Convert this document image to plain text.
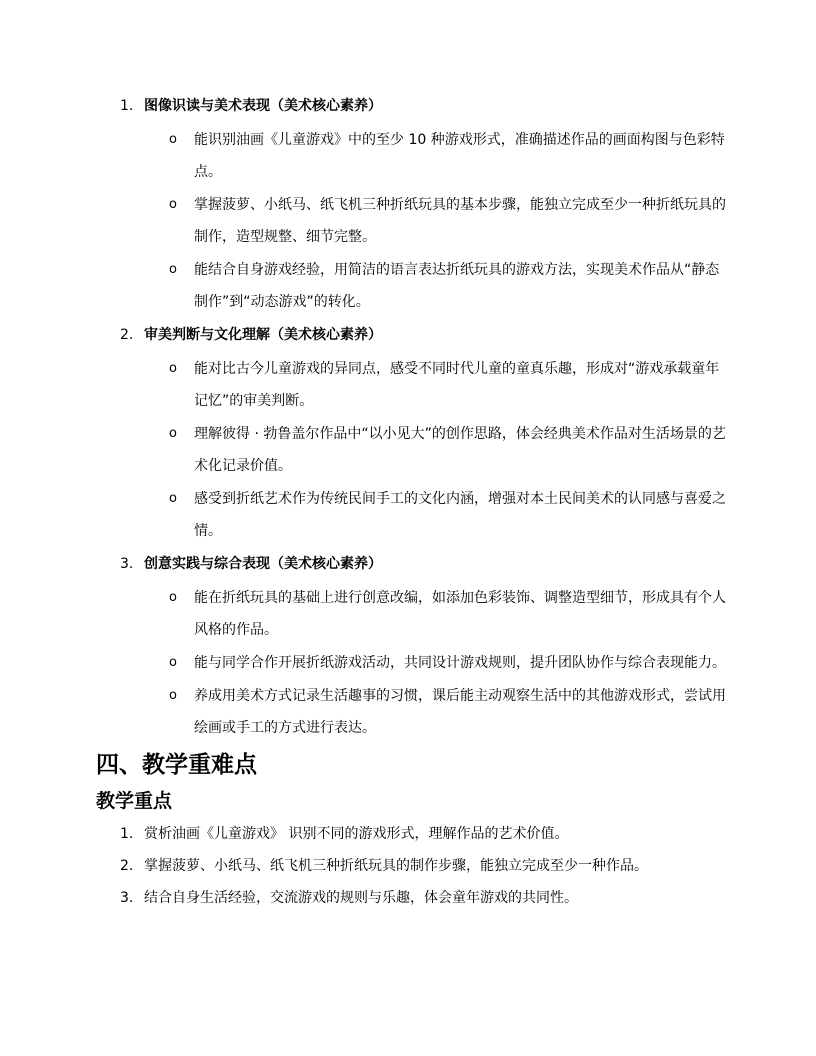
1. 图像识读与美术表现（美术核心素养）
o 能识别油画《儿童游戏》中的至少 10 种游戏形式，准确描述作品的画面构图与色彩特点。
o 掌握菠萝、小纸马、纸飞机三种折纸玩具的基本步骤，能独立完成至少一种折纸玩具的制作，造型规整、细节完整。
o 能结合自身游戏经验，用简洁的语言表达折纸玩具的游戏方法，实现美术作品从“静态制作”到“动态游戏”的转化。
2. 审美判断与文化理解（美术核心素养）
o 能对比古今儿童游戏的异同点，感受不同时代儿童的童真乐趣，形成对“游戏承载童年记忆”的审美判断。
o 理解彼得 · 勃鲁盖尔作品中“以小见大”的创作思路，体会经典美术作品对生活场景的艺术化记录价值。
o 感受到折纸艺术作为传统民间手工的文化内涵，增强对本土民间美术的认同感与喜爱之情。
3. 创意实践与综合表现（美术核心素养）
o 能在折纸玩具的基础上进行创意改编，如添加色彩装饰、调整造型细节，形成具有个人风格的作品。
o 能与同学合作开展折纸游戏活动，共同设计游戏规则，提升团队协作与综合表现能力。
o 养成用美术方式记录生活趣事的习惯，课后能主动观察生活中的其他游戏形式，尝试用绘画或手工的方式进行表达。
四、教学重难点
教学重点
1. 赏析油画《儿童游戏》 识别不同的游戏形式，理解作品的艺术价值。
2. 掌握菠萝、小纸马、纸飞机三种折纸玩具的制作步骤，能独立完成至少一种作品。
3. 结合自身生活经验，交流游戏的规则与乐趣，体会童年游戏的共同性。
